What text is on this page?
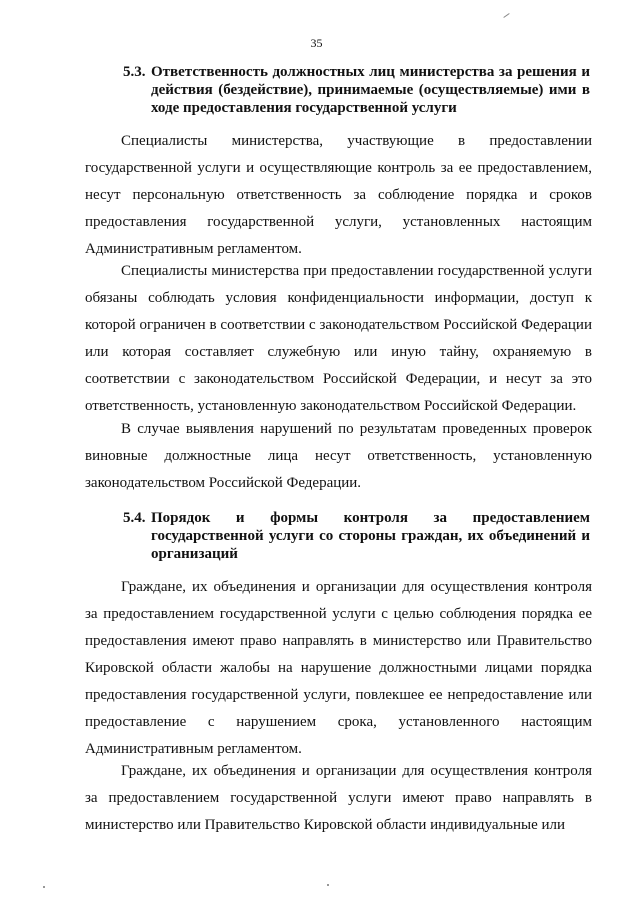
35
5.3. Ответственность должностных лиц министерства за решения и действия (бездействие), принимаемые (осуществляемые) ими в ходе предоставления государственной услуги

Специалисты министерства, участвующие в предоставлении государственной услуги и осуществляющие контроль за ее предоставлением, несут персональную ответственность за соблюдение порядка и сроков предоставления государственной услуги, установленных настоящим Административным регламентом.

Специалисты министерства при предоставлении государственной услуги обязаны соблюдать условия конфиденциальности информации, доступ к которой ограничен в соответствии с законодательством Российской Федерации или которая составляет служебную или иную тайну, охраняемую в соответствии с законодательством Российской Федерации, и несут за это ответственность, установленную законодательством Российской Федерации.

В случае выявления нарушений по результатам проведенных проверок виновные должностные лица несут ответственность, установленную законодательством Российской Федерации.

5.4. Порядок и формы контроля за предоставлением государственной услуги со стороны граждан, их объединений и организаций

Граждане, их объединения и организации для осуществления контроля за предоставлением государственной услуги с целью соблюдения порядка ее предоставления имеют право направлять в министерство или Правительство Кировской области жалобы на нарушение должностными лицами порядка предоставления государственной услуги, повлекшее ее непредоставление или предоставление с нарушением срока, установленного настоящим Административным регламентом.

Граждане, их объединения и организации для осуществления контроля за предоставлением государственной услуги имеют право направлять в министерство или Правительство Кировской области индивидуальные или
